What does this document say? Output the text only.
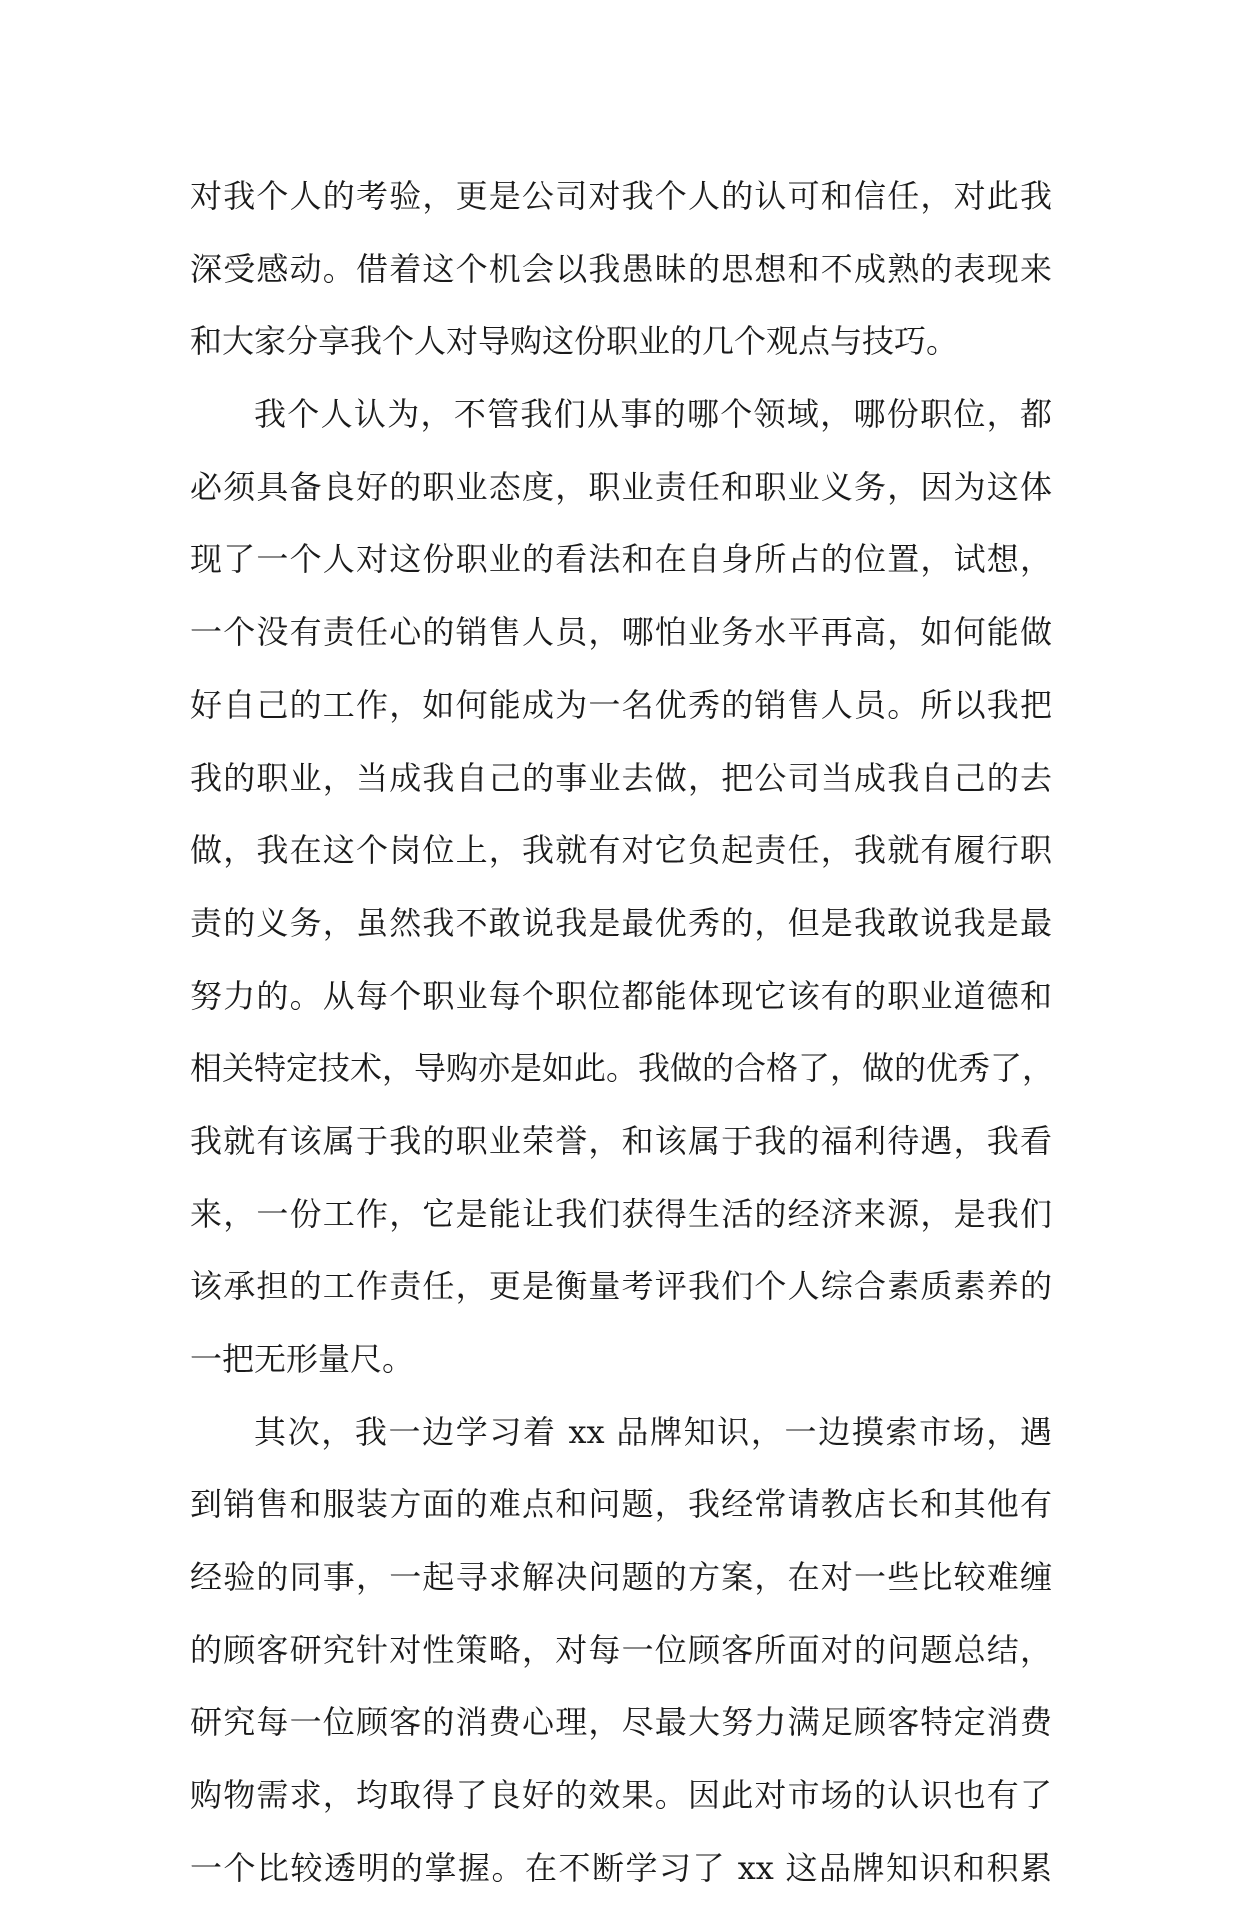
对我个人的考验，更是公司对我个人的认可和信任，对此我
深受感动。借着这个机会以我愚昧的思想和不成熟的表现来
和大家分享我个人对导购这份职业的几个观点与技巧。
我个人认为，不管我们从事的哪个领域，哪份职位，都
必须具备良好的职业态度，职业责任和职业义务，因为这体
现了一个人对这份职业的看法和在自身所占的位置，试想，
一个没有责任心的销售人员，哪怕业务水平再高，如何能做
好自己的工作，如何能成为一名优秀的销售人员。所以我把
我的职业，当成我自己的事业去做，把公司当成我自己的去
做，我在这个岗位上，我就有对它负起责任，我就有履行职
责的义务，虽然我不敢说我是最优秀的，但是我敢说我是最
努力的。从每个职业每个职位都能体现它该有的职业道德和
相关特定技术，导购亦是如此。我做的合格了，做的优秀了，
我就有该属于我的职业荣誉，和该属于我的福利待遇，我看
来，一份工作，它是能让我们获得生活的经济来源，是我们
该承担的工作责任，更是衡量考评我们个人综合素质素养的
一把无形量尺。
其次，我一边学习着 xx 品牌知识，一边摸索市场，遇
到销售和服装方面的难点和问题，我经常请教店长和其他有
经验的同事，一起寻求解决问题的方案，在对一些比较难缠
的顾客研究针对性策略，对每一位顾客所面对的问题总结，
研究每一位顾客的消费心理，尽最大努力满足顾客特定消费
购物需求，均取得了良好的效果。因此对市场的认识也有了
一个比较透明的掌握。在不断学习了 xx 这品牌知识和积累
